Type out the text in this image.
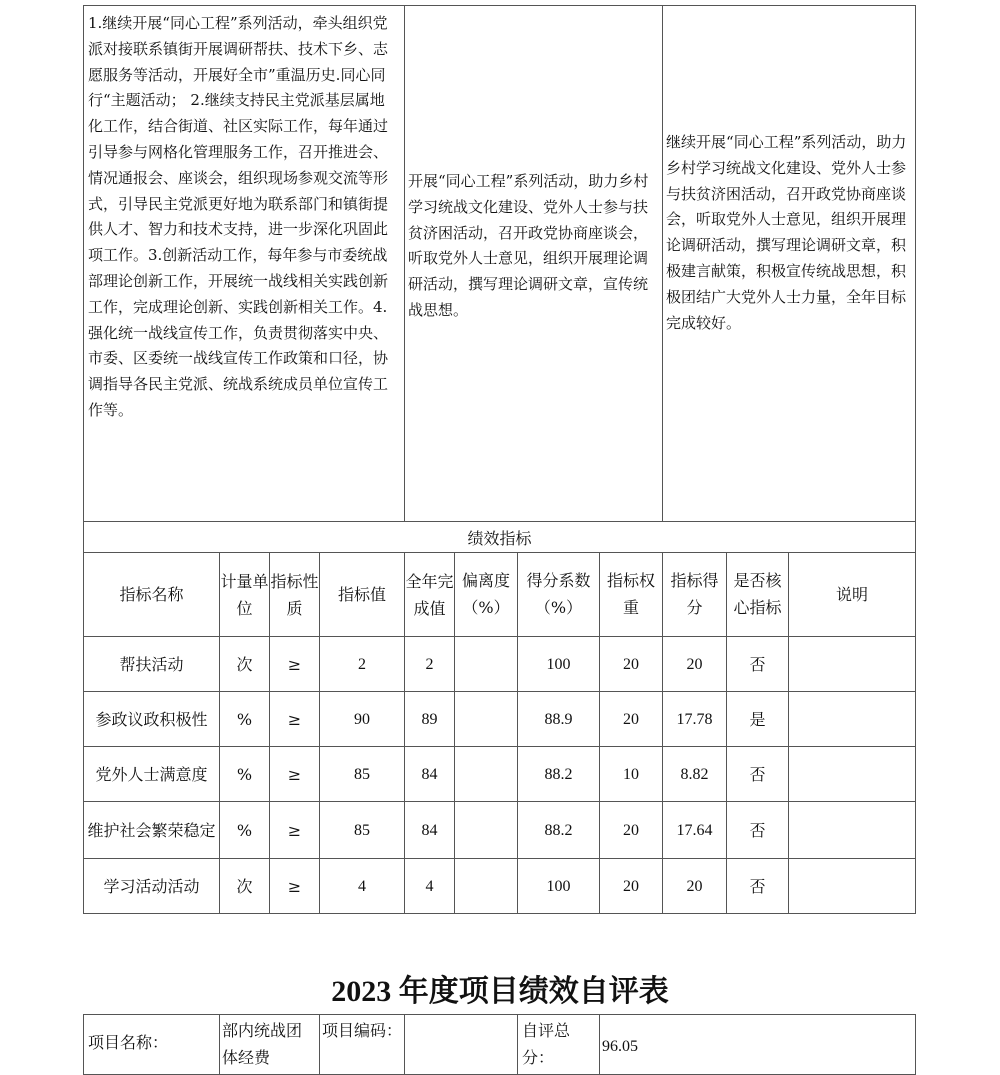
1.继续开展“同心工程”系列活动，牵头组织党派对接联系镇街开展调研帮扶、技术下乡、志愿服务等活动，开展好全市”重温历史.同心同行“主题活动； 2.继续支持民主党派基层属地化工作，结合街道、社区实际工作，每年通过引导参与网格化管理服务工作，召开推进会、情况通报会、座谈会，组织现场参观交流等形式，引导民主党派更好地为联系部门和镇街提供人才、智力和技术支持，进一步深化巩固此项工作。3.创新活动工作，每年参与市委统战部理论创新工作，开展统一战线相关实践创新工作，完成理论创新、实践创新相关工作。4.强化统一战线宣传工作，负责贯彻落实中央、市委、区委统一战线宣传工作政策和口径，协调指导各民主党派、统战系统成员单位宣传工作等。				开展“同心工程”系列活动，助力乡村学习统战文化建设、党外人士参与扶贫济困活动，召开政党协商座谈会，听取党外人士意见，组织开展理论调研活动，撰写理论调研文章，宣传统战思想。				继续开展“同心工程”系列活动，助力乡村学习统战文化建设、党外人士参与扶贫济困活动，召开政党协商座谈会，听取党外人士意见，组织开展理论调研活动，撰写理论调研文章，积极建言献策，积极宣传统战思想，积极团结广大党外人士力量，全年目标完成较好。		
绩效指标										
指标名称	计量单位	指标性质	指标值	全年完成值	偏离度（%）	得分系数（%）	指标权重	指标得分	是否核心指标	说明
帮扶活动	次	≥	2	2		100	20	20	否	
参政议政积极性	%	≥	90	89		88.9	20	17.78	是	
党外人士满意度	%	≥	85	84		88.2	10	8.82	否	
维护社会繁荣稳定	%	≥	85	84		88.2	20	17.64	否	
学习活动活动	次	≥	4	4		100	20	20	否	
2023 年度项目绩效自评表
项目名称：	部内统战团体经费	项目编码：		自评总分：	96.05
